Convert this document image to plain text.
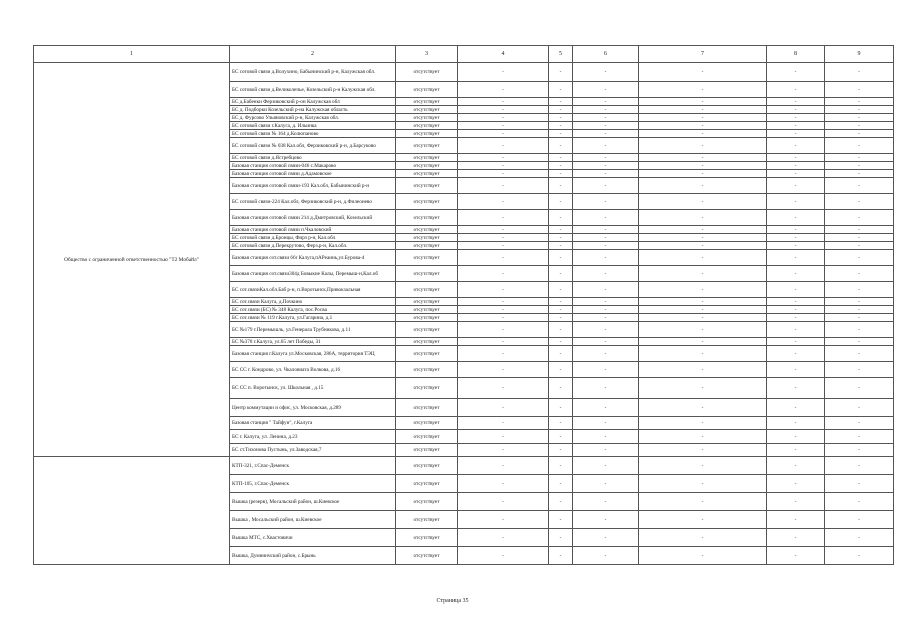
1	2	3	4	5	6	7	8	9
Общество с ограниченной ответственностью "Т2 Мобайл"	БС сотовой связи д.Волухино, Бабынинский р-н, Калужская обл.	отсутствует	-	-	-	-	-	-
	БС сотовой связи д.Великолепье, Козельский р-н Калужская обл.	отсутствует	-	-	-	-	-	-
	БС д.Бабенки Ферзиковский р-он Калужская обл	отсутствует	-	-	-	-	-	-
	БС д. Подборки Козельский р-на Калужская область	отсутствует	-	-	-	-	-	-
	БС д. Фурсово Ульяновский р-н, Калужская обл.	отсутствует	-	-	-	-	-	-
	БС сотовой связи г.Калуга, д. Ильинка	отсутствует	-	-	-	-	-	-
	БС сотовой связи № 164 д.Колюпаново	отсутствует	-	-	-	-	-	-
	БС сотовой связи № 038 Кал.обл, Ферзиковский р-н, д.Барсуково	отсутствует	-	-	-	-	-	-
	БС сотовой связи д.Ястребцово	отсутствует	-	-	-	-	-	-
	Базовая станция сотовой связи-046 с.Макарово	отсутствует	-	-	-	-	-	-
	Базовая станция сотовой связи д.Адамовское	отсутствует	-	-	-	-	-	-
	Базовая станция сотовой связи-193 Кал.обл, Бабынинский р-н	отсутствует	-	-	-	-	-	-
	БС сотовой связи-224 Кал.обл, Ферзиковский р-н, д.Филеонево	отсутствует	-	-	-	-	-	-
	Базовая станция сотовой связи 214 д.Дмитровский, Козельский	отсутствует	-	-	-	-	-	-
	Базовая станция сотовой связи п.Чкаловский	отсутствует	-	-	-	-	-	-
	БС сотовой связи д.Бронцы, Фирз р-н, Кал.обл	отсутствует	-	-	-	-	-	-
	БС сотовой связи д.Перекрутово, Ферз.р-н, Кал.обл.	отсутствует	-	-	-	-	-	-
	Базовая станция сот.связи 66r Калуга,пАРеаинь,ул.Бурова-4	отсутствует	-	-	-	-	-	-
	Базовая станция сот.связи304д Бовыкие Калы, Перемыш-н,Кал.об	отсутствует	-	-	-	-	-	-
	БС сот.связиКал.обл.Баб р-н, п.Воротынск,Привокзальная	отсутствует	-	-	-	-	-	-
	БС сот.связи Калуга, д.Почкино	отсутствует	-	-	-	-	-	-
	БС сот.связи (БС) № 348 Калуга, пос.Росва	отсутствует	-	-	-	-	-	-
	БС сот.связи № 119 г.Калуга, ул.Гагарина, д.1	отсутствует	-	-	-	-	-	-
	БС №179 г.Перемышль, ул.Генерала Трубникова, д.11	отсутствует	-	-	-	-	-	-
	БС №378 г.Калуга, ул.65 лет Победы, 31	отсутствует	-	-	-	-	-	-
	Базовая станция г.Калуга ул.Московская, 286А, территория ТЭЦ	отсутствует	-	-	-	-	-	-
	БС СС г. Кондрово, ул. Чкаловиата Волкова, д.16	отсутствует	-	-	-	-	-	-
	БС СС п. Воротынск, ул. Школьная , д.15	отсутствует	-	-	-	-	-	-
	Центр коммутации и офис, ул. Московская, д.289	отсутствует	-	-	-	-	-	-
	Базовая станция " Тайфун", г.Калуга	отсутствует	-	-	-	-	-	-
	БС г. Калуга, ул. Ленина, д.23	отсутствует	-	-	-	-	-	-
	БС ст.Тихонова Пустынь, ул.Заводская,7	отсутствует	-	-	-	-	-	-
	КТП-321, г.Спас-Деменск	отсутствует	-	-	-	-	-	-
	КТП-105, г.Спас-Деменск	отсутствует	-	-	-	-	-	-
	Вышка (резерв), Мосальский район, ш.Киевское	отсутствует	-	-	-	-	-	-
	Вышка , Мосальский район, ш.Киевское	отсутствует	-	-	-	-	-	-
	Вышка МТС, с.Хвастовичи	отсутствует	-	-	-	-	-	-
	Вышка, Думиничский район, с.Брынь	отсутствует	-	-	-	-	-	-
Страница 35
